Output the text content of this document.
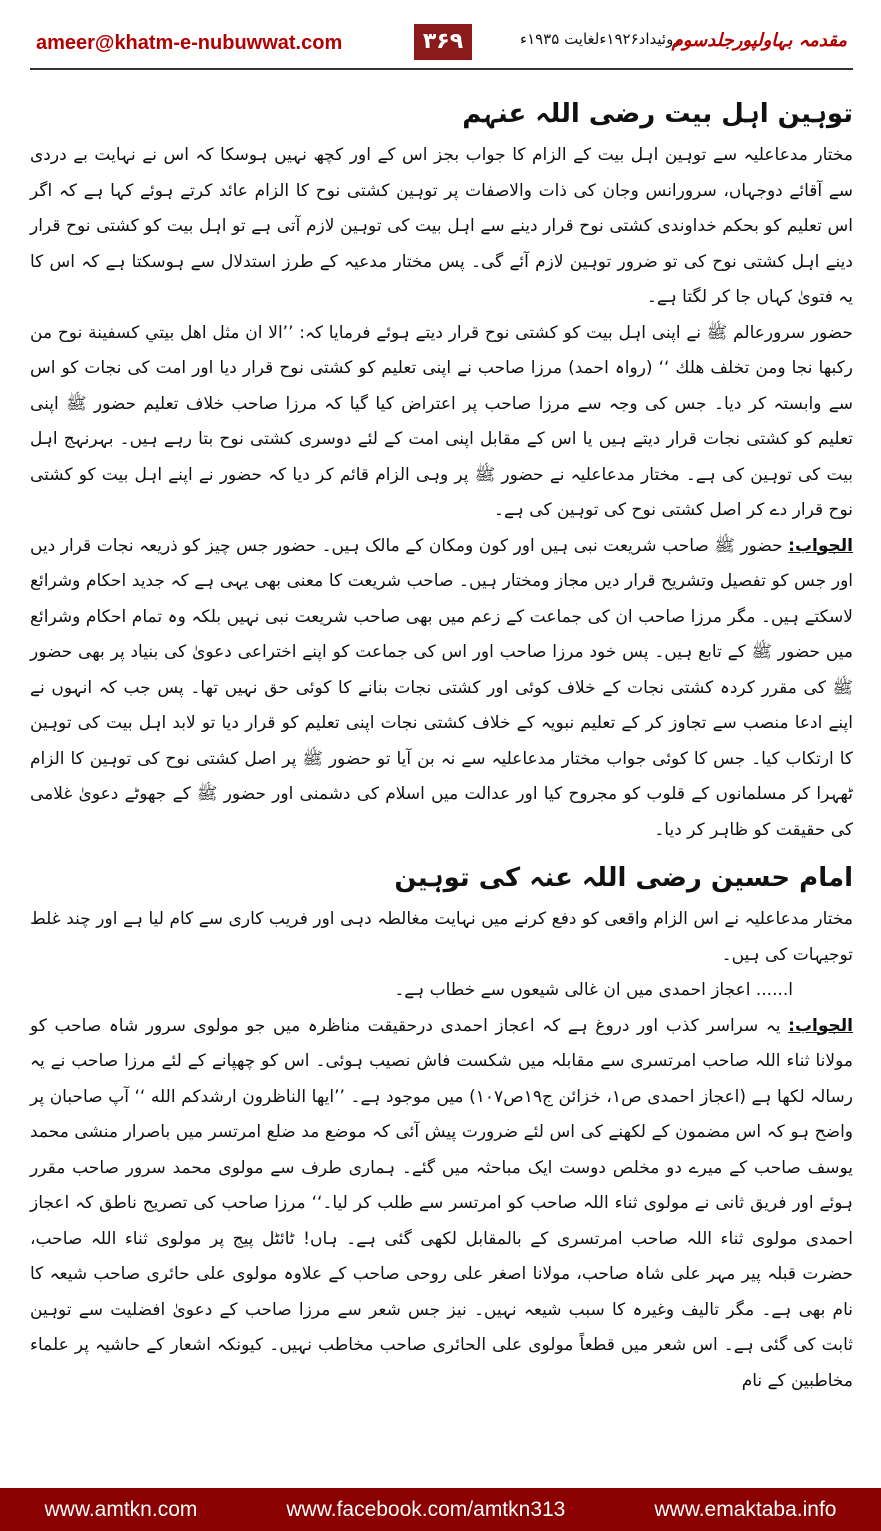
ameer@khatm-e-nubuwwat.com	۳۶۹	روئیداد۱۹۲۶ءلغایت ۱۹۳۵ء
مقدمہ بہاولپورجلدسوم
توہین اہل بیت رضی اللہ عنہم

مختار مدعاعلیہ سے توہین اہل بیت کے الزام کا جواب بجز اس کے اور کچھ نہیں ہوسکا کہ اس نے نہایت بے دردی سے آقائے دوجہاں، سرورانس وجان کی ذات والاصفات پر توہین کشتی نوح کا الزام عائد کرتے ہوئے کہا ہے کہ اگر اس تعلیم کو بحکم خداوندی کشتی نوح قرار دینے سے اہل بیت کی توہین لازم آتی ہے تو اہل بیت کو کشتی نوح قرار دینے اہل کشتی نوح کی تو ضرور توہین لازم آئے گی۔ پس مختار مدعیہ کے طرز استدلال سے ہوسکتا ہے کہ اس کا یہ فتویٰ کہاں جا کر لگتا ہے۔

حضور سرورعالم ﷺ نے اپنی اہل بیت کو کشتی نوح قرار دیتے ہوئے فرمایا کہ: ’’الا ان مثل اهل بيتي كسفينة نوح من ركبها نجا ومن تخلف هلك ‘‘ (رواہ احمد) مرزا صاحب نے اپنی تعلیم کو کشتی نوح قرار دیا اور امت کی نجات کو اس سے وابستہ کر دیا۔ جس کی وجہ سے مرزا صاحب پر اعتراض کیا گیا کہ مرزا صاحب خلاف تعلیم حضور ﷺ اپنی تعلیم کو کشتی نجات قرار دیتے ہیں یا اس کے مقابل اپنی امت کے لئے دوسری کشتی نوح بتا رہے ہیں۔ بہرنہج اہل بیت کی توہین کی ہے۔ مختار مدعاعلیہ نے حضور ﷺ پر وہی الزام قائم کر دیا کہ حضور نے اپنے اہل بیت کو کشتی نوح قرار دے کر اصل کشتی نوح کی توہین کی ہے۔

الجواب: حضور ﷺ صاحب شریعت نبی ہیں اور کون ومکان کے مالک ہیں۔ حضور جس چیز کو ذریعہ نجات قرار دیں اور جس کو تفصیل وتشریح قرار دیں مجاز ومختار ہیں۔ صاحب شریعت کا معنی بھی یہی ہے کہ جدید احکام وشرائع لاسکتے ہیں۔ مگر مرزا صاحب ان کی جماعت کے زعم میں بھی صاحب شریعت نبی نہیں بلکہ وہ تمام احکام وشرائع میں حضور ﷺ کے تابع ہیں۔ پس خود مرزا صاحب اور اس کی جماعت کو اپنے اختراعی دعویٰ کی بنیاد پر بھی حضور ﷺ کی مقرر کردہ کشتی نجات کے خلاف کوئی اور کشتی نجات بنانے کا کوئی حق نہیں تھا۔ پس جب کہ انہوں نے اپنے ادعا منصب سے تجاوز کر کے تعلیم نبویہ کے خلاف کشتی نجات اپنی تعلیم کو قرار دیا تو لابد اہل بیت کی توہین کا ارتکاب کیا۔ جس کا کوئی جواب مختار مدعاعلیہ سے نہ بن آیا تو حضور ﷺ پر اصل کشتی نوح کی توہین کا الزام ٹھہرا کر مسلمانوں کے قلوب کو مجروح کیا اور عدالت میں اسلام کی دشمنی اور حضور ﷺ کے جھوٹے دعویٰ غلامی کی حقیقت کو ظاہر کر دیا۔

امام حسین رضی اللہ عنہ کی توہین

مختار مدعاعلیہ نے اس الزام واقعی کو دفع کرنے میں نہایت مغالطہ دہی اور فریب کاری سے کام لیا ہے اور چند غلط توجیہات کی ہیں۔

ا...... اعجاز احمدی میں ان غالی شیعوں سے خطاب ہے۔

الجواب: یہ سراسر کذب اور دروغ ہے کہ اعجاز احمدی درحقیقت مناظرہ میں جو مولوی سرور شاہ صاحب کو مولانا ثناء اللہ صاحب امرتسری سے مقابلہ میں شکست فاش نصیب ہوئی۔ اس کو چھپانے کے لئے مرزا صاحب نے یہ رسالہ لکھا ہے (اعجاز احمدی ص۱، خزائن ج۱۹ص۱۰۷) میں موجود ہے۔ ’’ایها الناظرون ارشدکم الله ‘‘ آپ صاحبان پر واضح ہو کہ اس مضمون کے لکھنے کی اس لئے ضرورت پیش آئی کہ موضع مد ضلع امرتسر میں باصرار منشی محمد یوسف صاحب کے میرے دو مخلص دوست ایک مباحثہ میں گئے۔ ہماری طرف سے مولوی محمد سرور صاحب مقرر ہوئے اور فریق ثانی نے مولوی ثناء اللہ صاحب کو امرتسر سے طلب کر لیا۔‘‘ مرزا صاحب کی تصریح ناطق کہ اعجاز احمدی مولوی ثناء اللہ صاحب امرتسری کے بالمقابل لکھی گئی ہے۔ ہاں! ٹائٹل پیج پر مولوی ثناء اللہ صاحب، حضرت قبلہ پیر مہر علی شاہ صاحب، مولانا اصغر علی روحی صاحب کے علاوہ مولوی علی حائری صاحب شیعہ کا نام بھی ہے۔ مگر تالیف وغیرہ کا سبب شیعہ نہیں۔ نیز جس شعر سے مرزا صاحب کے دعویٰ افضلیت سے توہین ثابت کی گئی ہے۔ اس شعر میں قطعاً مولوی علی الحائری صاحب مخاطب نہیں۔ کیونکہ اشعار کے حاشیہ پر علماء مخاطبین کے نام

www.amtkn.com	www.facebook.com/amtkn313	www.emaktaba.info
